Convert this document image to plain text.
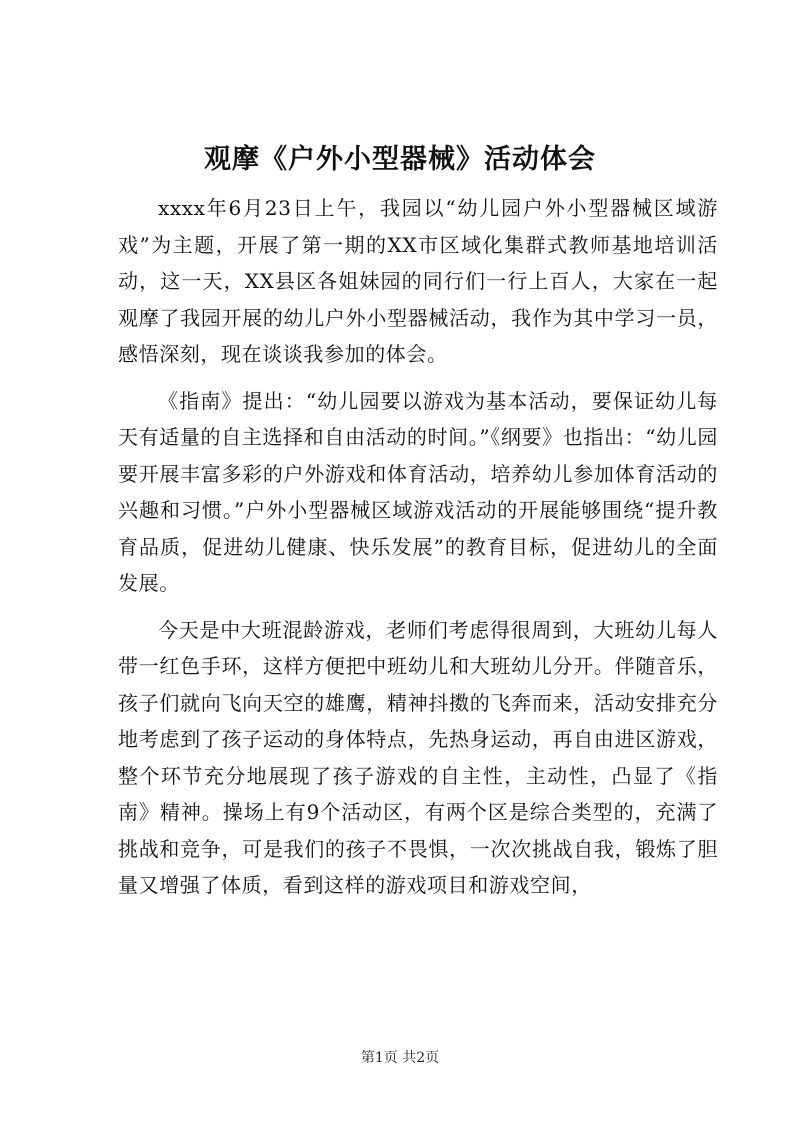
观摩《户外小型器械》活动体会

xxxx年6月23日上午，我园以“幼儿园户外小型器械区域游戏”为主题，开展了第一期的XX市区域化集群式教师基地培训活动，这一天，XX县区各姐妹园的同行们一行上百人，大家在一起观摩了我园开展的幼儿户外小型器械活动，我作为其中学习一员，感悟深刻，现在谈谈我参加的体会。

《指南》提出：“幼儿园要以游戏为基本活动，要保证幼儿每天有适量的自主选择和自由活动的时间。”《纲要》也指出：“幼儿园要开展丰富多彩的户外游戏和体育活动，培养幼儿参加体育活动的兴趣和习惯。”户外小型器械区域游戏活动的开展能够围绕“提升教育品质，促进幼儿健康、快乐发展”的教育目标，促进幼儿的全面发展。

今天是中大班混龄游戏，老师们考虑得很周到，大班幼儿每人带一红色手环，这样方便把中班幼儿和大班幼儿分开。伴随音乐，孩子们就向飞向天空的雄鹰，精神抖擞的飞奔而来，活动安排充分地考虑到了孩子运动的身体特点，先热身运动，再自由进区游戏，整个环节充分地展现了孩子游戏的自主性，主动性，凸显了《指南》精神。操场上有9个活动区，有两个区是综合类型的，充满了挑战和竞争，可是我们的孩子不畏惧，一次次挑战自我，锻炼了胆量又增强了体质，看到这样的游戏项目和游戏空间，

第1页 共2页
